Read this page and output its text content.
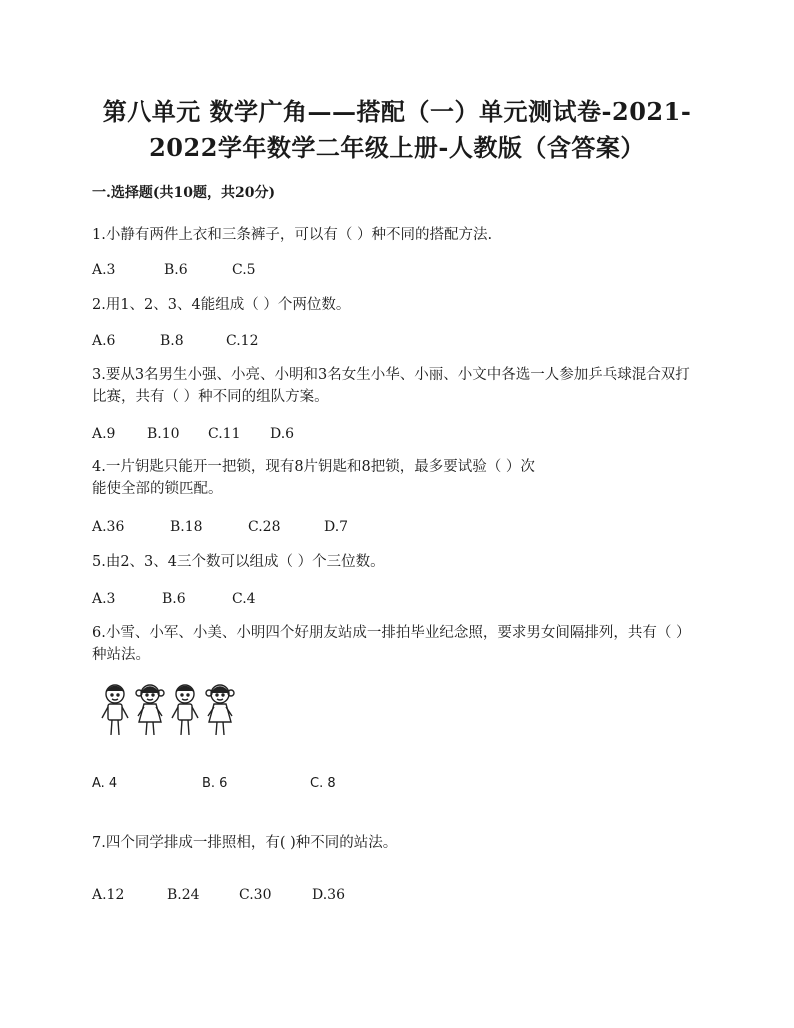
第八单元 数学广角——搭配（一）单元测试卷-2021-
2022学年数学二年级上册-人教版（含答案）
一.选择题(共10题，共20分)
1.小静有两件上衣和三条裤子，可以有（ ）种不同的搭配方法.
A.3	B.6	C.5
2.用1、2、3、4能组成（ ）个两位数。
A.6	B.8	C.12
3.要从3名男生小强、小亮、小明和3名女生小华、小丽、小文中各选一人参加乒乓球混合双打比赛，共有（ ）种不同的组队方案。
A.9 B.10 C.11 D.6
4.一片钥匙只能开一把锁，现有8片钥匙和8把锁，最多要试验（ ）次能使全部的锁匹配。
A.36	B.18	C.28	D.7
5.由2、3、4三个数可以组成（ ）个三位数。
A.3	B.6	C.4
6.小雪、小军、小美、小明四个好朋友站成一排拍毕业纪念照，要求男女间隔排列，共有（ ）种站法。
A. 4	B. 6	C. 8
7.四个同学排成一排照相，有( )种不同的站法。
A.12	B.24	C.30	D.36
